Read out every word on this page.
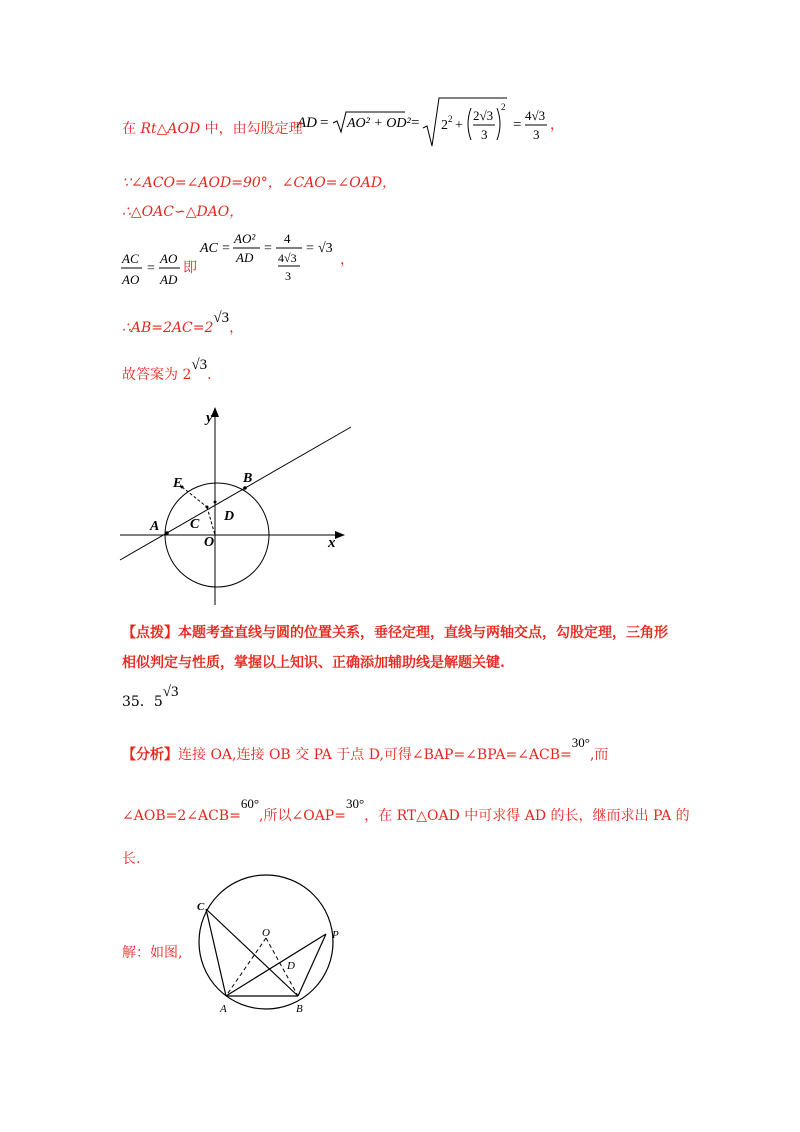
在 Rt△AOD 中，由勾股定理
AD = AO² + OD² = 2 2 +
2√3
3
2
=
4√3
3
，
∵∠ACO=∠AOD=90°，∠CAO=∠OAD，
∴△OAC∽△DAO，
AC
AO
=
AO
AD
即
AC =
AO²
AD
=
4
4√3
3
= √3
，
∴AB=2AC=2√3，
故答案为 2√3.
y
x
O
A
B
C
D
E
【点拨】本题考查直线与圆的位置关系，垂径定理，直线与两轴交点，勾股定理，三角形
相似判定与性质，掌握以上知识、正确添加辅助线是解题关键.
35．5√3
【分析】连接 OA,连接 OB 交 PA 于点 D,可得∠BAP=∠BPA=∠ACB=30°,而
∠AOB=2∠ACB=60°,所以∠OAP=30°，在 RT△OAD 中可求得 AD 的长，继而求出 PA 的
长.
解：如图,
C
O	P
D
A	B
